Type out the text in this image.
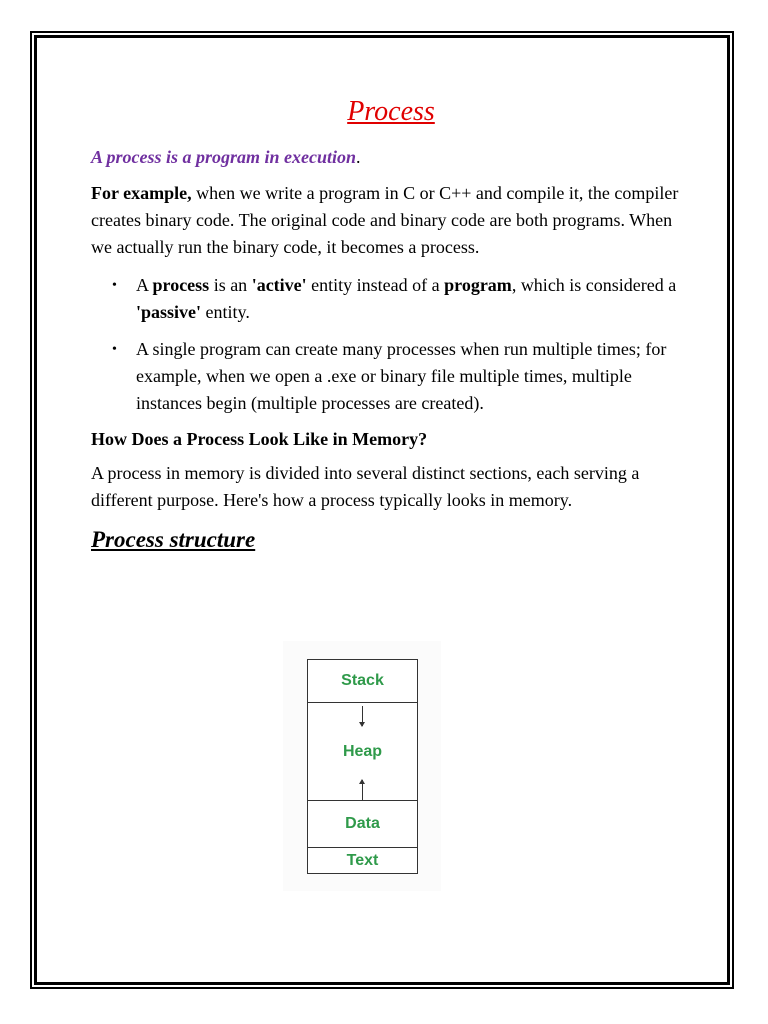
Process

A process is a program in execution.

For example, when we write a program in C or C++ and compile it, the compiler creates binary code. The original code and binary code are both programs. When we actually run the binary code, it becomes a process.

• A process is an 'active' entity instead of a program, which is considered a 'passive' entity.
• A single program can create many processes when run multiple times; for example, when we open a .exe or binary file multiple times, multiple instances begin (multiple processes are created).
How Does a Process Look Like in Memory?

A process in memory is divided into several distinct sections, each serving a different purpose. Here's how a process typically looks in memory.

Process structure
Stack
Heap
Data
Text
